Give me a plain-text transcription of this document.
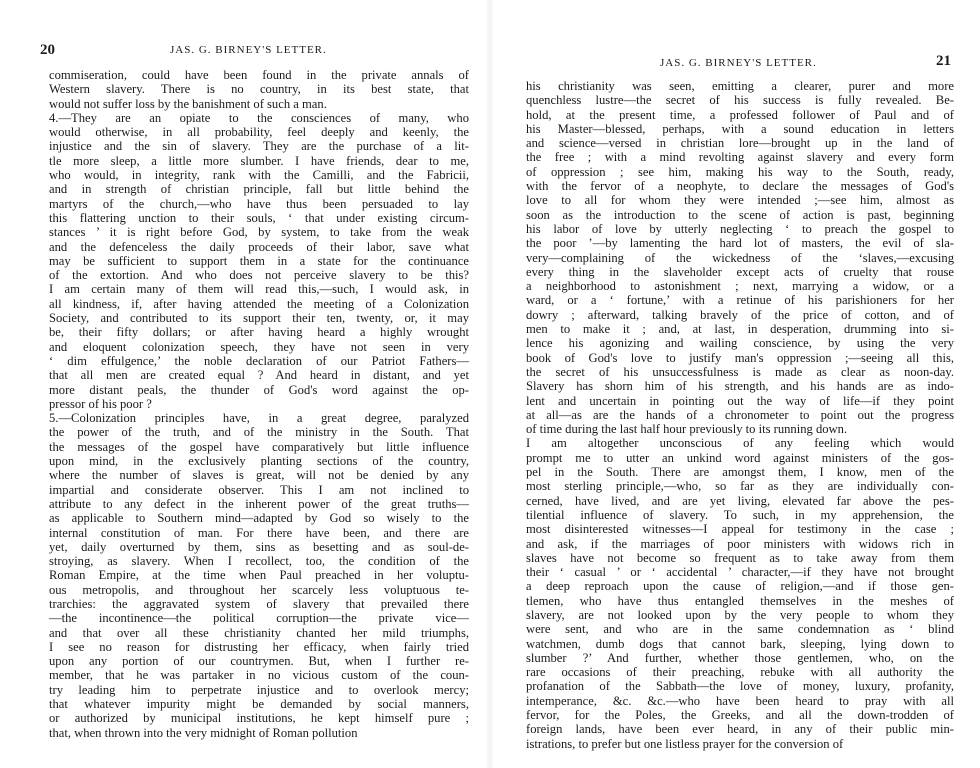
20	JAS. G. BIRNEY'S LETTER.
commiseration, could have been found in the private annals of
Western slavery. There is no country, in its best state, that
would not suffer loss by the banishment of such a man.
4.—They are an opiate to the consciences of many, who
would otherwise, in all probability, feel deeply and keenly, the
injustice and the sin of slavery. They are the purchase of a lit-
tle more sleep, a little more slumber. I have friends, dear to me,
who would, in integrity, rank with the Camilli, and the Fabricii,
and in strength of christian principle, fall but little behind the
martyrs of the church,—who have thus been persuaded to lay
this flattering unction to their souls, ‘ that under existing circum-
stances ’ it is right before God, by system, to take from the weak
and the defenceless the daily proceeds of their labor, save what
may be sufficient to support them in a state for the continuance
of the extortion. And who does not perceive slavery to be this?
I am certain many of them will read this,—such, I would ask, in
all kindness, if, after having attended the meeting of a Colonization
Society, and contributed to its support their ten, twenty, or, it may
be, their fifty dollars; or after having heard a highly wrought
and eloquent colonization speech, they have not seen in very
‘ dim effulgence,’ the noble declaration of our Patriot Fathers—
that all men are created equal ? And heard in distant, and yet
more distant peals, the thunder of God's word against the op-
pressor of his poor ?
5.—Colonization principles have, in a great degree, paralyzed
the power of the truth, and of the ministry in the South. That
the messages of the gospel have comparatively but little influence
upon mind, in the exclusively planting sections of the country,
where the number of slaves is great, will not be denied by any
impartial and considerate observer. This I am not inclined to
attribute to any defect in the inherent power of the great truths—
as applicable to Southern mind—adapted by God so wisely to the
internal constitution of man. For there have been, and there are
yet, daily overturned by them, sins as besetting and as soul-de-
stroying, as slavery. When I recollect, too, the condition of the
Roman Empire, at the time when Paul preached in her voluptu-
ous metropolis, and throughout her scarcely less voluptuous te-
trarchies: the aggravated system of slavery that prevailed there
—the incontinence—the political corruption—the private vice—
and that over all these christianity chanted her mild triumphs,
I see no reason for distrusting her efficacy, when fairly tried
upon any portion of our countrymen. But, when I further re-
member, that he was partaker in no vicious custom of the coun-
try leading him to perpetrate injustice and to overlook mercy;
that whatever impurity might be demanded by social manners,
or authorized by municipal institutions, he kept himself pure ;
that, when thrown into the very midnight of Roman pollution
JAS. G. BIRNEY'S LETTER.	21
his christianity was seen, emitting a clearer, purer and more
quenchless lustre—the secret of his success is fully revealed. Be-
hold, at the present time, a professed follower of Paul and of
his Master—blessed, perhaps, with a sound education in letters
and science—versed in christian lore—brought up in the land of
the free ; with a mind revolting against slavery and every form
of oppression ; see him, making his way to the South, ready,
with the fervor of a neophyte, to declare the messages of God's
love to all for whom they were intended ;—see him, almost as
soon as the introduction to the scene of action is past, beginning
his labor of love by utterly neglecting ‘ to preach the gospel to
the poor ’—by lamenting the hard lot of masters, the evil of sla-
very—complaining of the wickedness of the ‘slaves,—excusing
every thing in the slaveholder except acts of cruelty that rouse
a neighborhood to astonishment ; next, marrying a widow, or a
ward, or a ‘ fortune,’ with a retinue of his parishioners for her
dowry ; afterward, talking bravely of the price of cotton, and of
men to make it ; and, at last, in desperation, drumming into si-
lence his agonizing and wailing conscience, by using the very
book of God's love to justify man's oppression ;—seeing all this,
the secret of his unsuccessfulness is made as clear as noon-day.
Slavery has shorn him of his strength, and his hands are as indo-
lent and uncertain in pointing out the way of life—if they point
at all—as are the hands of a chronometer to point out the progress
of time during the last half hour previously to its running down.
I am altogether unconscious of any feeling which would
prompt me to utter an unkind word against ministers of the gos-
pel in the South. There are amongst them, I know, men of the
most sterling principle,—who, so far as they are individually con-
cerned, have lived, and are yet living, elevated far above the pes-
tilential influence of slavery. To such, in my apprehension, the
most disinterested witnesses—I appeal for testimony in the case ;
and ask, if the marriages of poor ministers with widows rich in
slaves have not become so frequent as to take away from them
their ‘ casual ’ or ‘ accidental ’ character,—if they have not brought
a deep reproach upon the cause of religion,—and if those gen-
tlemen, who have thus entangled themselves in the meshes of
slavery, are not looked upon by the very people to whom they
were sent, and who are in the same condemnation as ‘ blind
watchmen, dumb dogs that cannot bark, sleeping, lying down to
slumber ?’ And further, whether those gentlemen, who, on the
rare occasions of their preaching, rebuke with all authority the
profanation of the Sabbath—the love of money, luxury, profanity,
intemperance, &c. &c.—who have been heard to pray with all
fervor, for the Poles, the Greeks, and all the down-trodden of
foreign lands, have been ever heard, in any of their public min-
istrations, to prefer but one listless prayer for the conversion of
